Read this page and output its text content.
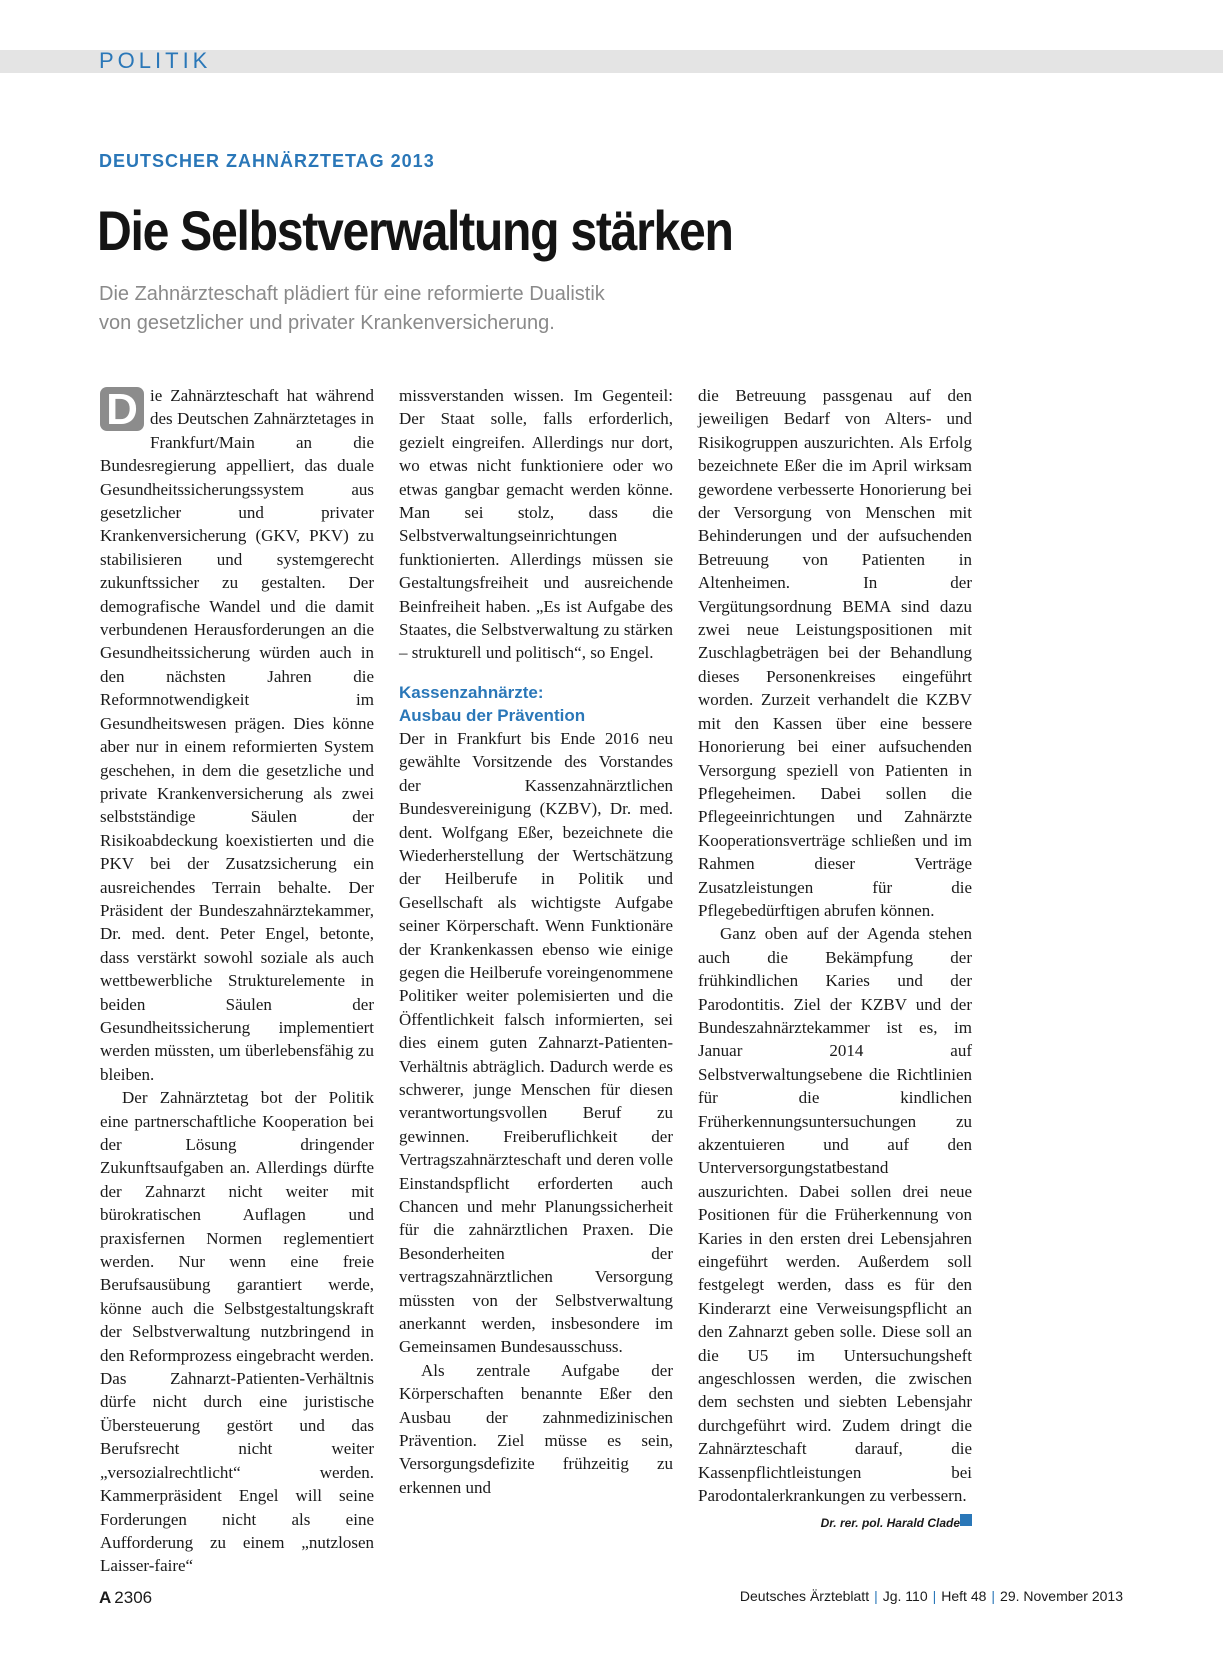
POLITIK
DEUTSCHER ZAHNÄRZTETAG 2013
Die Selbstverwaltung stärken
Die Zahnärzteschaft plädiert für eine reformierte Dualistik
von gesetzlicher und privater Krankenversicherung.

D ie Zahnärzteschaft hat während des Deutschen Zahnärztetages in Frankfurt/Main an die Bundesregierung appelliert, das duale Gesundheitssicherungssystem aus gesetzlicher und privater Krankenversicherung (GKV, PKV) zu stabilisieren und systemgerecht zukunftssicher zu gestalten. Der demografische Wandel und die damit verbundenen Herausforderungen an die Gesundheitssicherung würden auch in den nächsten Jahren die Reformnotwendigkeit im Gesundheitswesen prägen. Dies könne aber nur in einem reformierten System geschehen, in dem die gesetzliche und private Krankenversicherung als zwei selbstständige Säulen der Risikoabdeckung koexistierten und die PKV bei der Zusatzsicherung ein ausreichendes Terrain behalte. Der Präsident der Bundeszahnärztekammer, Dr. med. dent. Peter Engel, betonte, dass verstärkt sowohl soziale als auch wettbewerbliche Strukturelemente in beiden Säulen der Gesundheitssicherung implementiert werden müssten, um überlebensfähig zu bleiben.

Der Zahnärztetag bot der Politik eine partnerschaftliche Kooperation bei der Lösung dringender Zukunftsaufgaben an. Allerdings dürfte der Zahnarzt nicht weiter mit bürokratischen Auflagen und praxisfernen Normen reglementiert werden. Nur wenn eine freie Berufsausübung garantiert werde, könne auch die Selbstgestaltungskraft der Selbstverwaltung nutzbringend in den Reformprozess eingebracht werden. Das Zahnarzt-Patienten-Verhältnis dürfe nicht durch eine juristische Übersteuerung gestört und das Berufsrecht nicht weiter „versozialrechtlicht“ werden. Kammerpräsident Engel will seine Forderungen nicht als eine Aufforderung zu einem „nutzlosen Laisser-faire“

missverstanden wissen. Im Gegenteil: Der Staat solle, falls erforderlich, gezielt eingreifen. Allerdings nur dort, wo etwas nicht funktioniere oder wo etwas gangbar gemacht werden könne. Man sei stolz, dass die Selbstverwaltungseinrichtungen funktionierten. Allerdings müssen sie Gestaltungsfreiheit und ausreichende Beinfreiheit haben. „Es ist Aufgabe des Staates, die Selbstverwaltung zu stärken – strukturell und politisch“, so Engel.

Kassenzahnärzte:
Ausbau der Prävention

Der in Frankfurt bis Ende 2016 neu gewählte Vorsitzende des Vorstandes der Kassenzahnärztlichen Bundesvereinigung (KZBV), Dr. med. dent. Wolfgang Eßer, bezeichnete die Wiederherstellung der Wertschätzung der Heilberufe in Politik und Gesellschaft als wichtigste Aufgabe seiner Körperschaft. Wenn Funktionäre der Krankenkassen ebenso wie einige gegen die Heilberufe voreingenommene Politiker weiter polemisierten und die Öffentlichkeit falsch informierten, sei dies einem guten Zahnarzt-Patienten-Verhältnis abträglich. Dadurch werde es schwerer, junge Menschen für diesen verantwortungsvollen Beruf zu gewinnen. Freiberuflichkeit der Vertragszahnärzteschaft und deren volle Einstandspflicht erforderten auch Chancen und mehr Planungssicherheit für die zahnärztlichen Praxen. Die Besonderheiten der vertragszahnärztlichen Versorgung müssten von der Selbstverwaltung anerkannt werden, insbesondere im Gemeinsamen Bundesausschuss.

Als zentrale Aufgabe der Körperschaften benannte Eßer den Ausbau der zahnmedizinischen Prävention. Ziel müsse es sein, Versorgungsdefizite frühzeitig zu erkennen und

die Betreuung passgenau auf den jeweiligen Bedarf von Alters- und Risikogruppen auszurichten. Als Erfolg bezeichnete Eßer die im April wirksam gewordene verbesserte Honorierung bei der Versorgung von Menschen mit Behinderungen und der aufsuchenden Betreuung von Patienten in Altenheimen. In der Vergütungsordnung BEMA sind dazu zwei neue Leistungspositionen mit Zuschlagbeträgen bei der Behandlung dieses Personenkreises eingeführt worden. Zurzeit verhandelt die KZBV mit den Kassen über eine bessere Honorierung bei einer aufsuchenden Versorgung speziell von Patienten in Pflegeheimen. Dabei sollen die Pflegeeinrichtungen und Zahnärzte Kooperationsverträge schließen und im Rahmen dieser Verträge Zusatzleistungen für die Pflegebedürftigen abrufen können.

Ganz oben auf der Agenda stehen auch die Bekämpfung der frühkindlichen Karies und der Parodontitis. Ziel der KZBV und der Bundeszahnärztekammer ist es, im Januar 2014 auf Selbstverwaltungsebene die Richtlinien für die kindlichen Früherkennungsuntersuchungen zu akzentuieren und auf den Unterversorgungstatbestand auszurichten. Dabei sollen drei neue Positionen für die Früherkennung von Karies in den ersten drei Lebensjahren eingeführt werden. Außerdem soll festgelegt werden, dass es für den Kinderarzt eine Verweisungspflicht an den Zahnarzt geben solle. Diese soll an die U5 im Untersuchungsheft angeschlossen werden, die zwischen dem sechsten und siebten Lebensjahr durchgeführt wird. Zudem dringt die Zahnärzteschaft darauf, die Kassenpflichtleistungen bei Parodontalerkrankungen zu verbessern.

Dr. rer. pol. Harald Clade
A 2306	Deutsches Ärzteblatt | Jg. 110 | Heft 48 | 29. November 2013
